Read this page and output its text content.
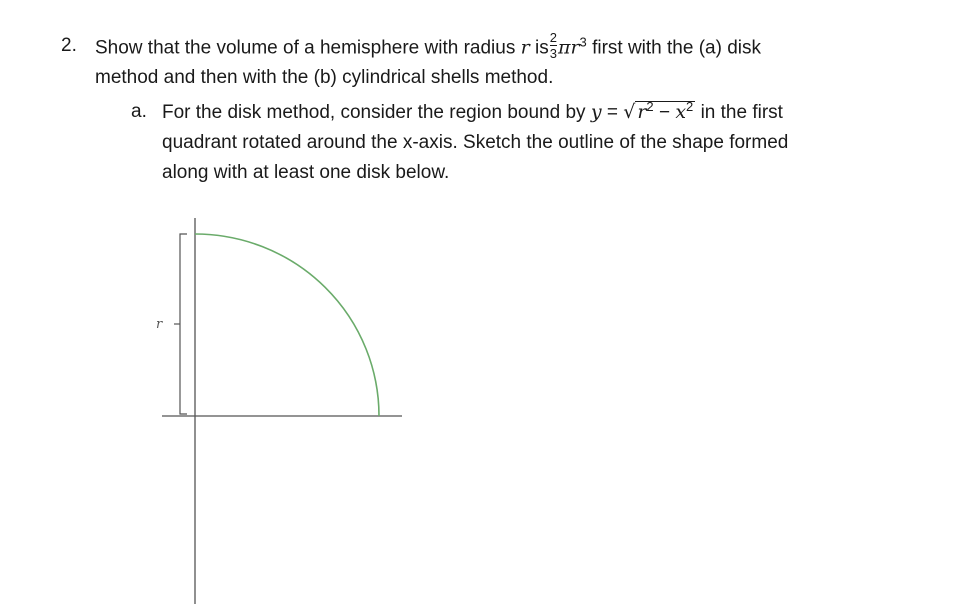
2. Show that the volume of a hemisphere with radius r is $\frac{2}{3} \pi r^3$ first with the (a) disk
method and then with the (b) cylindrical shells method.
a. For the disk method, consider the region bound by y = √ $r^2 - x^2$ in the first
quadrant rotated around the x-axis. Sketch the outline of the shape formed
along with at least one disk below.
r
